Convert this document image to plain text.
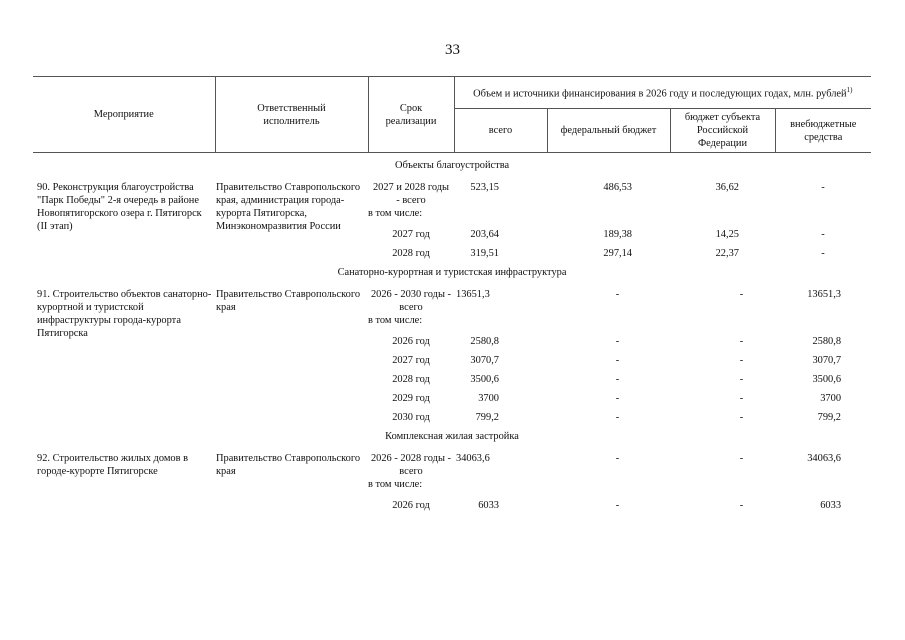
33
Мероприятие	Ответственный исполнитель	Срок реализации	Объем и источники финансирования в 2026 году и последующих годах, млн. рублей$^{1)}$
			всего	федеральный бюджет	бюджет субъекта Российской Федерации	внебюджетные средства

Объекты благоустройства						
90. Реконструкция благоустройства "Парк Победы" 2-я очередь в районе Новопятигорского озера г. Пятигорск (II этап)	Правительство Ставропольского края, администрация города-курорта Пятигорска, Минэкономразвития России	2027 и 2028 годы - всего	523,15	486,53	36,62	-
		в том числе:				
		2027 год	203,64	189,38	14,25	-
		2028 год	319,51	297,14	22,37	-
Санаторно-курортная и туристская инфраструктура						
91. Строительство объектов санаторно-курортной и туристской инфраструктуры города-курорта Пятигорска	Правительство Ставропольского края	2026 - 2030 годы - всего	13651,3	-	-	13651,3
		в том числе:				
		2026 год	2580,8	-	-	2580,8
		2027 год	3070,7	-	-	3070,7
		2028 год	3500,6	-	-	3500,6
		2029 год	3700	-	-	3700
		2030 год	799,2	-	-	799,2
Комплексная жилая застройка						
92. Строительство жилых домов в городе-курорте Пятигорске	Правительство Ставропольского края	2026 - 2028 годы - всего	34063,6	-	-	34063,6
		в том числе:				
		2026 год	6033	-	-	6033
